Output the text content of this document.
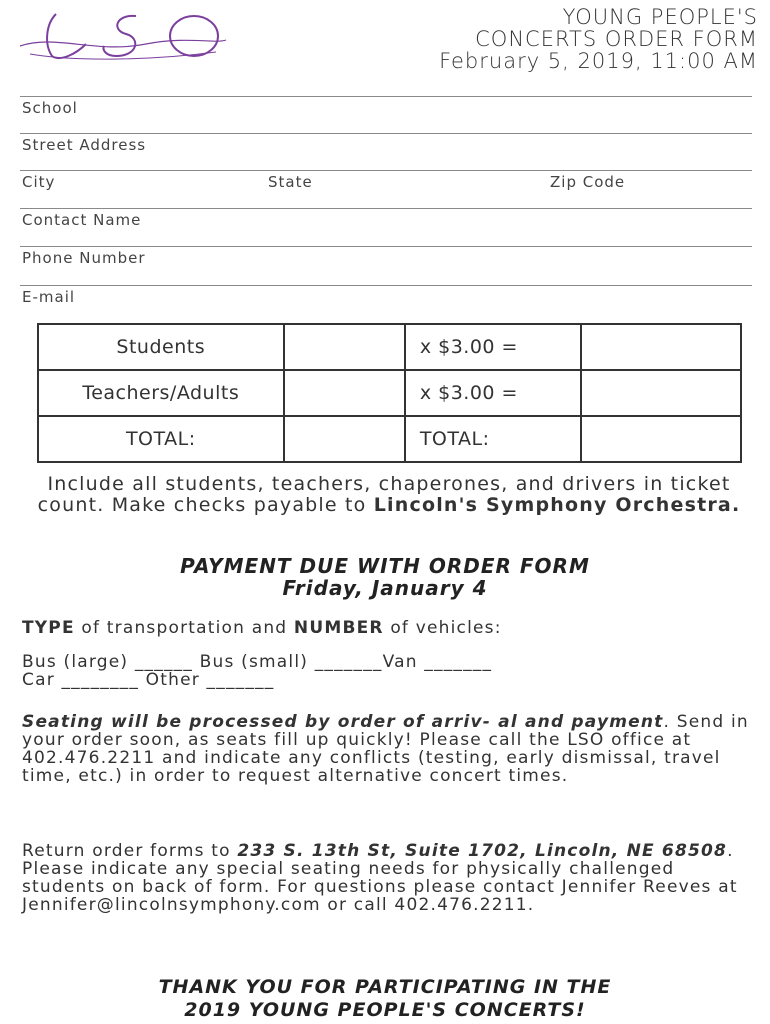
YOUNG PEOPLE'S
CONCERTS ORDER FORM
February 5, 2019, 11:00 AM
School
Street Address
City	State	Zip Code
Contact Name
Phone Number
E-mail
Students		x $3.00 =	
Teachers/Adults		x $3.00 =	
TOTAL:		TOTAL:	
Include all students, teachers, chaperones, and drivers in ticket count. Make checks payable to Lincoln's Symphony Orchestra.
PAYMENT DUE WITH ORDER FORM
Friday, January 4
TYPE of transportation and NUMBER of vehicles:
Bus (large) ______ Bus (small) _______Van _______
Car ________ Other _______
Seating will be processed by order of arriv- al and payment. Send in your order soon, as seats fill up quickly! Please call the LSO office at 402.476.2211 and indicate any conflicts (testing, early dismissal, travel time, etc.) in order to request alternative concert times.
Return order forms to 233 S. 13th St, Suite 1702, Lincoln, NE 68508. Please indicate any special seating needs for physically challenged students on back of form. For questions please contact Jennifer Reeves at Jennifer@lincolnsymphony.com or call 402.476.2211.
THANK YOU FOR PARTICIPATING IN THE
2019 YOUNG PEOPLE'S CONCERTS!
